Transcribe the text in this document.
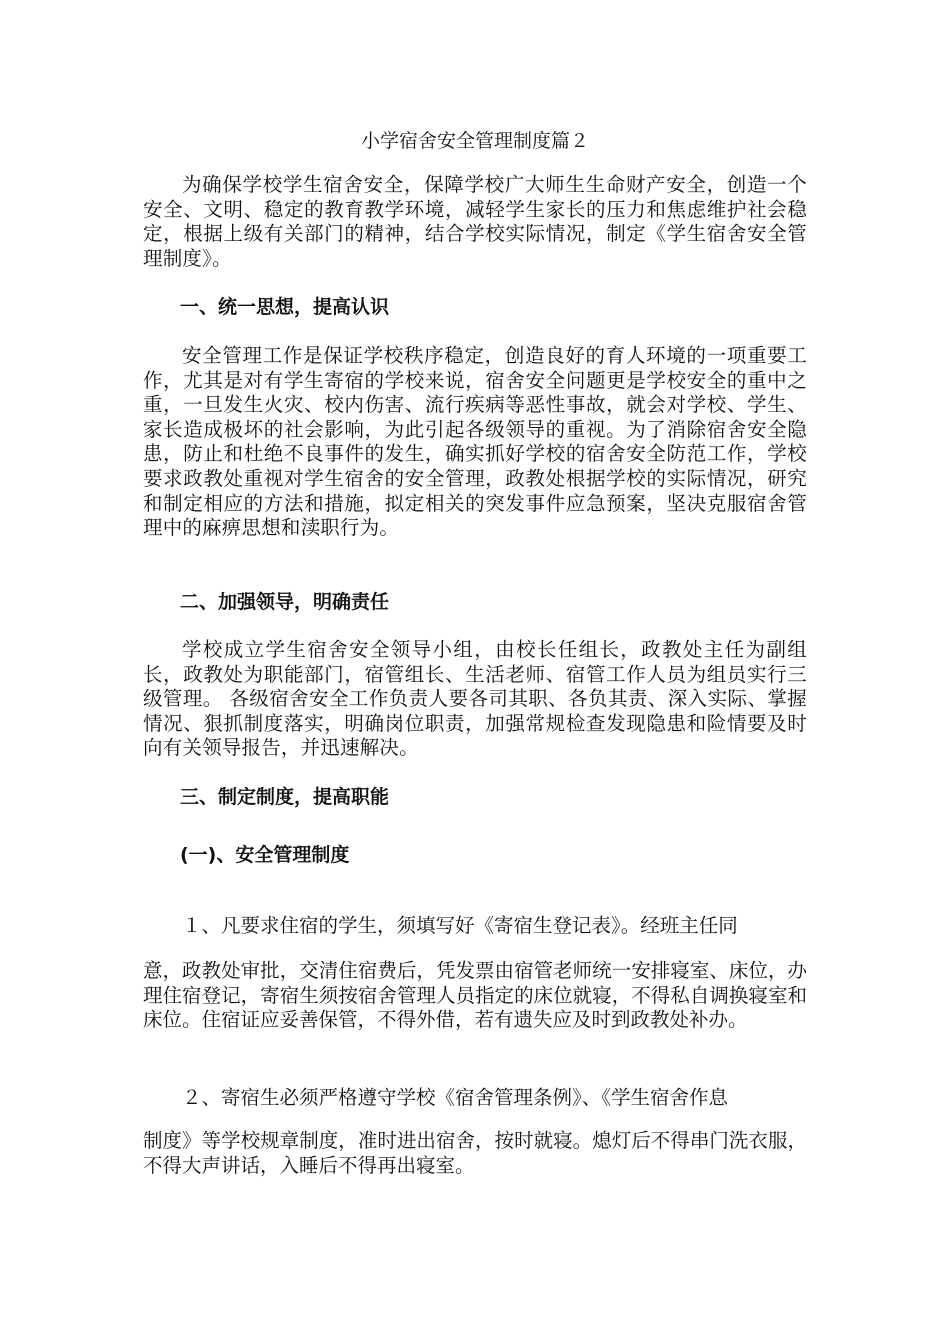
小学宿舍安全管理制度篇２

为确保学校学生宿舍安全，保障学校广大师生生命财产安全，创造一个安全、文明、稳定的教育教学环境，减轻学生家长的压力和焦虑维护社会稳定，根据上级有关部门的精神，结合学校实际情况，制定《学生宿舍安全管理制度》。

一、统一思想，提高认识

安全管理工作是保证学校秩序稳定，创造良好的育人环境的一项重要工作，尤其是对有学生寄宿的学校来说，宿舍安全问题更是学校安全的重中之重，一旦发生火灾、校内伤害、流行疾病等恶性事故，就会对学校、学生、家长造成极坏的社会影响，为此引起各级领导的重视。为了消除宿舍安全隐患，防止和杜绝不良事件的发生，确实抓好学校的宿舍安全防范工作，学校要求政教处重视对学生宿舍的安全管理，政教处根据学校的实际情况，研究和制定相应的方法和措施，拟定相关的突发事件应急预案，坚决克服宿舍管理中的麻痹思想和渎职行为。

二、加强领导，明确责任

学校成立学生宿舍安全领导小组，由校长任组长，政教处主任为副组长，政教处为职能部门，宿管组长、生活老师、宿管工作人员为组员实行三级管理。 各级宿舍安全工作负责人要各司其职、各负其责、深入实际、掌握情况、狠抓制度落实，明确岗位职责，加强常规检查发现隐患和险情要及时向有关领导报告，并迅速解决。

三、制定制度，提高职能
(一)、安全管理制度

１、凡要求住宿的学生，须填写好《寄宿生登记表》。经班主任同

意，政教处审批，交清住宿费后，凭发票由宿管老师统一安排寝室、床位，办理住宿登记，寄宿生须按宿舍管理人员指定的床位就寝，不得私自调换寝室和床位。住宿证应妥善保管，不得外借，若有遗失应及时到政教处补办。

２、寄宿生必须严格遵守学校《宿舍管理条例》、《学生宿舍作息

制度》等学校规章制度，准时进出宿舍，按时就寝。熄灯后不得串门洗衣服，不得大声讲话，入睡后不得再出寝室。
